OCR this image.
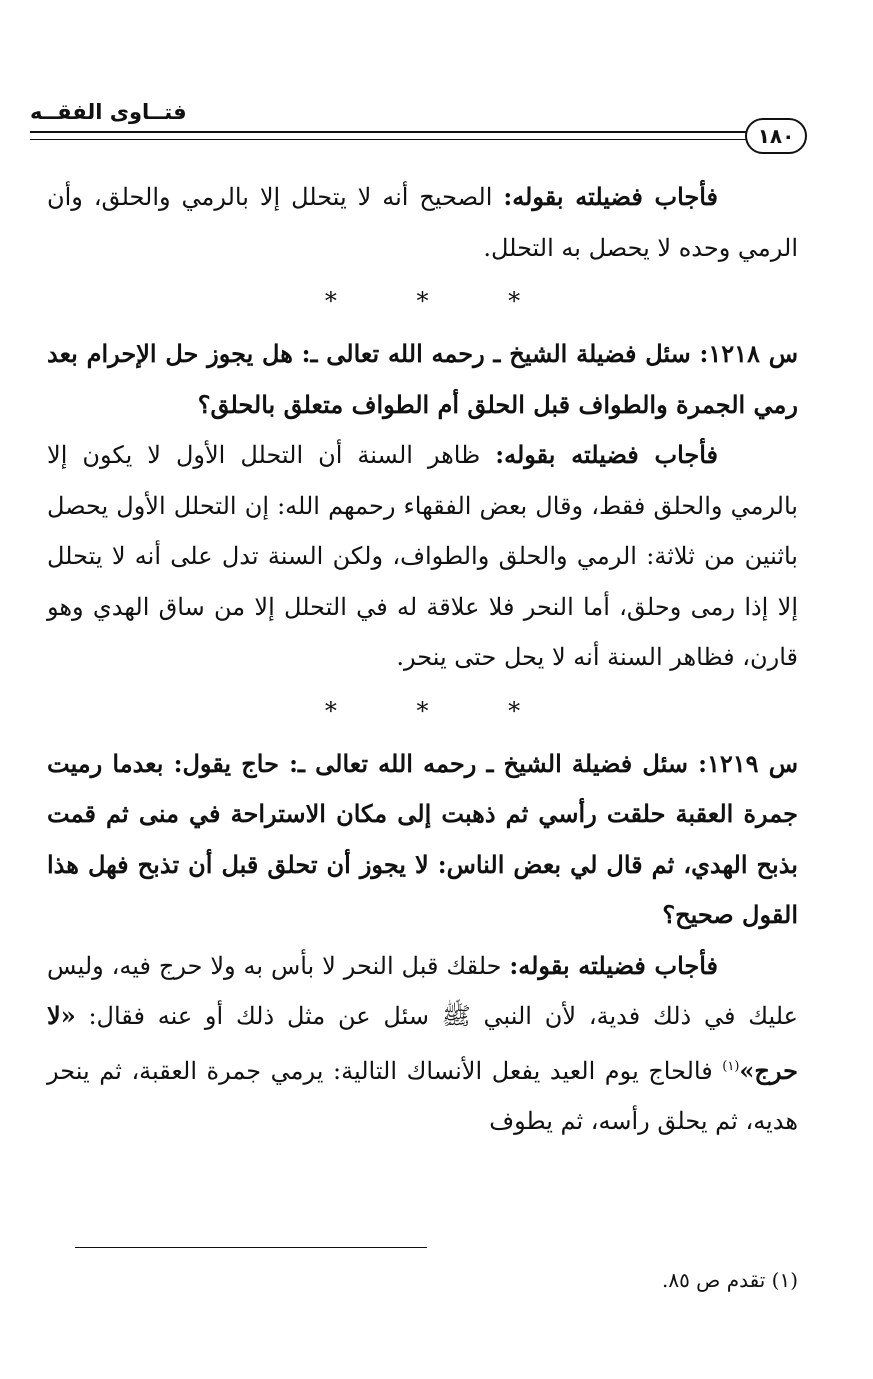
فتــاوى الفقــه
١٨٠

فأجاب فضيلته بقوله: الصحيح أنه لا يتحلل إلا بالرمي والحلق، وأن الرمي وحده لا يحصل به التحلل.

* * *

س ١٢١٨: سئل فضيلة الشيخ ـ رحمه الله تعالى ـ: هل يجوز حل الإحرام بعد رمي الجمرة والطواف قبل الحلق أم الطواف متعلق بالحلق؟

فأجاب فضيلته بقوله: ظاهر السنة أن التحلل الأول لا يكون إلا بالرمي والحلق فقط، وقال بعض الفقهاء رحمهم الله: إن التحلل الأول يحصل باثنين من ثلاثة: الرمي والحلق والطواف، ولكن السنة تدل على أنه لا يتحلل إلا إذا رمى وحلق، أما النحر فلا علاقة له في التحلل إلا من ساق الهدي وهو قارن، فظاهر السنة أنه لا يحل حتى ينحر.

* * *

س ١٢١٩: سئل فضيلة الشيخ ـ رحمه الله تعالى ـ: حاج يقول: بعدما رميت جمرة العقبة حلقت رأسي ثم ذهبت إلى مكان الاستراحة في منى ثم قمت بذبح الهدي، ثم قال لي بعض الناس: لا يجوز أن تحلق قبل أن تذبح فهل هذا القول صحيح؟

فأجاب فضيلته بقوله: حلقك قبل النحر لا بأس به ولا حرج فيه، وليس عليك في ذلك فدية، لأن النبي ﷺ سئل عن مثل ذلك أو عنه فقال: «لا حرج»$^{(١)}$ فالحاج يوم العيد يفعل الأنساك التالية: يرمي جمرة العقبة، ثم ينحر هديه، ثم يحلق رأسه، ثم يطوف

(١) تقدم ص ٨٥.
